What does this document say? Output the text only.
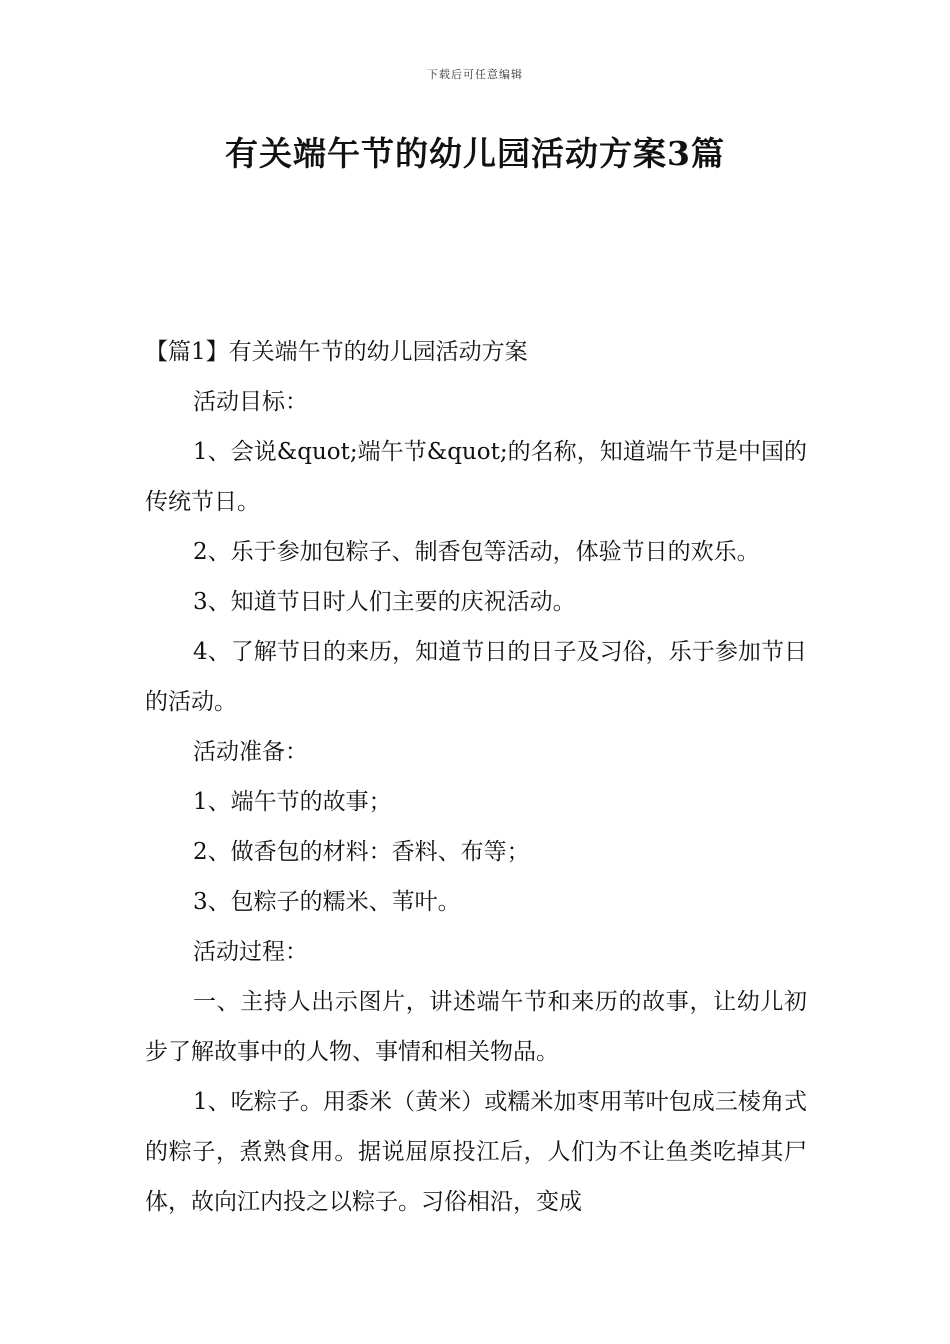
下载后可任意编辑
有关端午节的幼儿园活动方案3篇

【篇1】有关端午节的幼儿园活动方案

活动目标：

1、会说&quot;端午节&quot;的名称，知道端午节是中国的传统节日。

2、乐于参加包粽子、制香包等活动，体验节日的欢乐。

3、知道节日时人们主要的庆祝活动。

4、了解节日的来历，知道节日的日子及习俗，乐于参加节日的活动。

活动准备：

1、端午节的故事；

2、做香包的材料：香料、布等；

3、包粽子的糯米、苇叶。

活动过程：

一、主持人出示图片，讲述端午节和来历的故事，让幼儿初步了解故事中的人物、事情和相关物品。

1、吃粽子。用黍米（黄米）或糯米加枣用苇叶包成三棱角式的粽子，煮熟食用。据说屈原投江后，人们为不让鱼类吃掉其尸体，故向江内投之以粽子。习俗相沿，变成
